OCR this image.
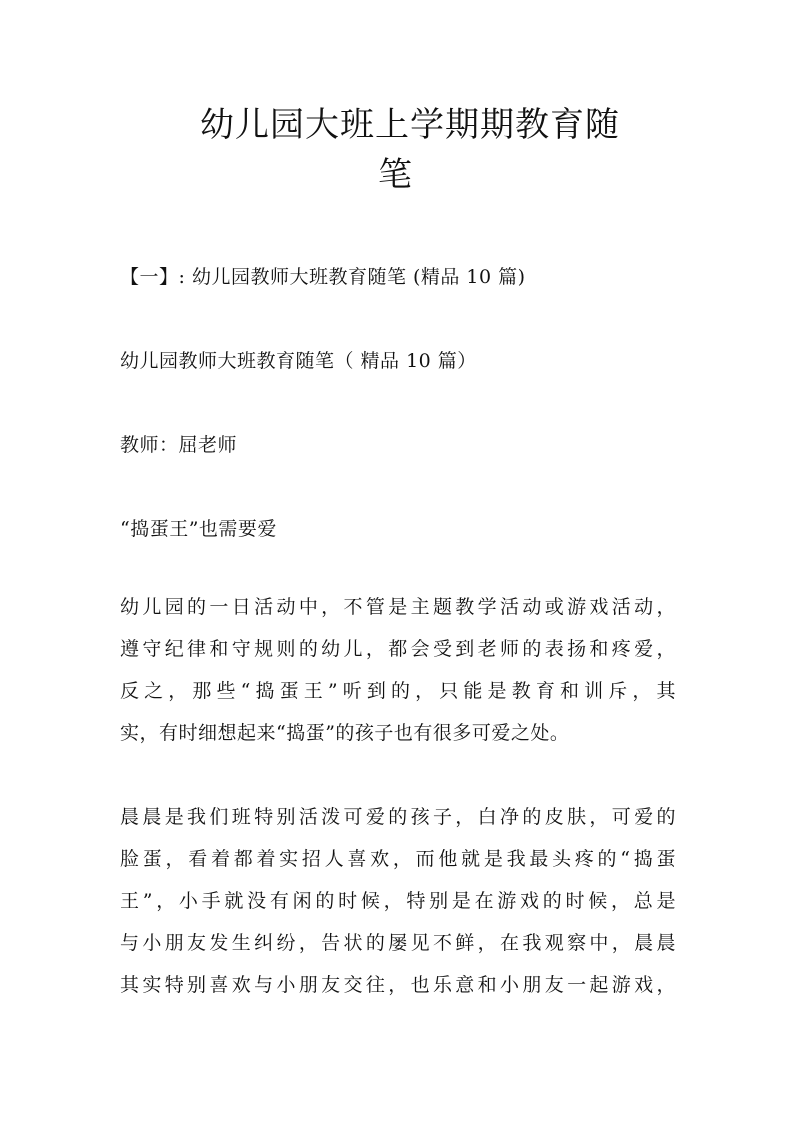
幼儿园大班上学期期教育随
笔

【一】: 幼儿园教师大班教育随笔 (精品 10 篇)

幼儿园教师大班教育随笔（ 精品 10 篇）

教师：屈老师

“捣蛋王”也需要爱

幼儿园的一日活动中，不管是主题教学活动或游戏活动，
遵守纪律和守规则的幼儿，都会受到老师的表扬和疼爱，
反之，那些“捣蛋王”听到的，只能是教育和训斥，其
实，有时细想起来“捣蛋”的孩子也有很多可爱之处。
晨晨是我们班特别活泼可爱的孩子，白净的皮肤，可爱的
脸蛋，看着都着实招人喜欢，而他就是我最头疼的“捣蛋
王”，小手就没有闲的时候，特别是在游戏的时候，总是
与小朋友发生纠纷，告状的屡见不鲜，在我观察中，晨晨
其实特别喜欢与小朋友交往，也乐意和小朋友一起游戏，
